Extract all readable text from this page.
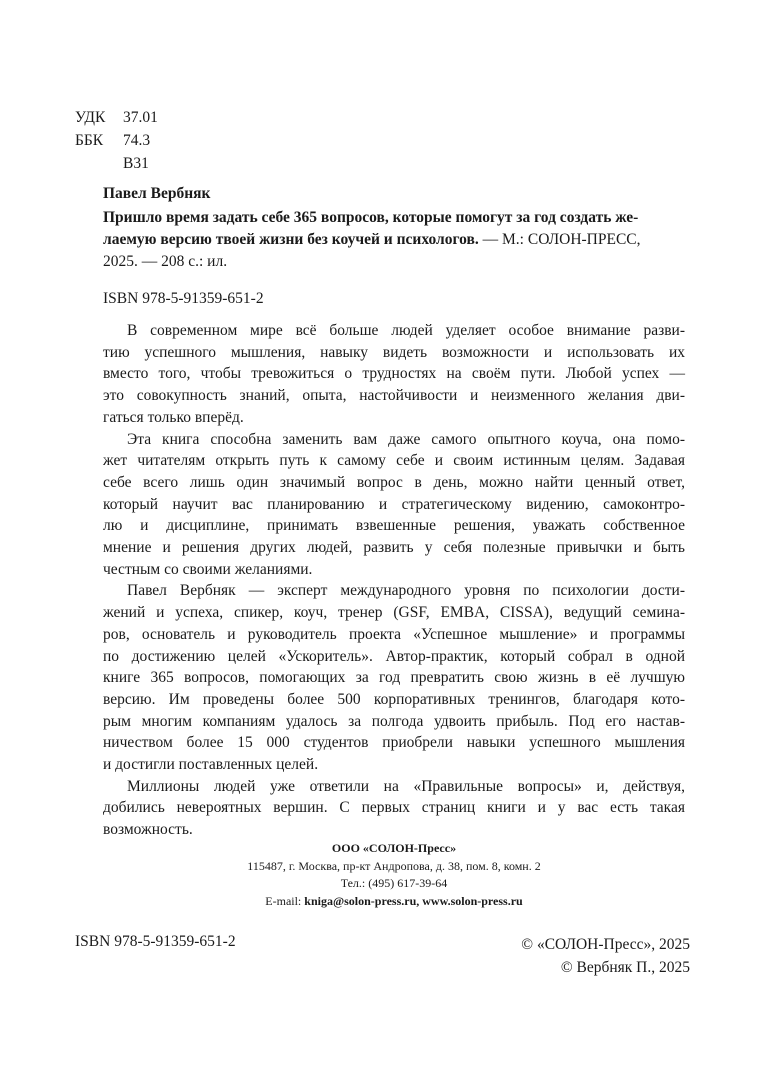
УДК 37.01
ББК 74.3
В31
Павел Вербняк
Пришло время задать себе 365 вопросов, которые помогут за год создать же-
лаемую версию твоей жизни без коучей и психологов. — М.: СОЛОН-ПРЕСС,
2025. — 208 с.: ил.
ISBN 978-5-91359-651-2
В современном мире всё больше людей уделяет особое внимание разви-
тию успешного мышления, навыку видеть возможности и использовать их
вместо того, чтобы тревожиться о трудностях на своём пути. Любой успех —
это совокупность знаний, опыта, настойчивости и неизменного желания дви-
гаться только вперёд.
Эта книга способна заменить вам даже самого опытного коуча, она помо-
жет читателям открыть путь к самому себе и своим истинным целям. Задавая
себе всего лишь один значимый вопрос в день, можно найти ценный ответ,
который научит вас планированию и стратегическому видению, самоконтро-
лю и дисциплине, принимать взвешенные решения, уважать собственное
мнение и решения других людей, развить у себя полезные привычки и быть
честным со своими желаниями.
Павел Вербняк — эксперт международного уровня по психологии дости-
жений и успеха, спикер, коуч, тренер (GSF, EMBA, CISSA), ведущий семина-
ров, основатель и руководитель проекта «Успешное мышление» и программы
по достижению целей «Ускоритель». Автор-практик, который собрал в одной
книге 365 вопросов, помогающих за год превратить свою жизнь в её лучшую
версию. Им проведены более 500 корпоративных тренингов, благодаря кото-
рым многим компаниям удалось за полгода удвоить прибыль. Под его настав-
ничеством более 15 000 студентов приобрели навыки успешного мышления
и достигли поставленных целей.
Миллионы людей уже ответили на «Правильные вопросы» и, действуя,
добились невероятных вершин. С первых страниц книги и у вас есть такая
возможность.
ООО «СОЛОН-Пресс»
115487, г. Москва, пр-кт Андропова, д. 38, пом. 8, комн. 2
Тел.: (495) 617-39-64
E-mail: kniga@solon-press.ru, www.solon-press.ru
ISBN 978-5-91359-651-2	© «СОЛОН-Пресс», 2025
© Вербняк П., 2025
